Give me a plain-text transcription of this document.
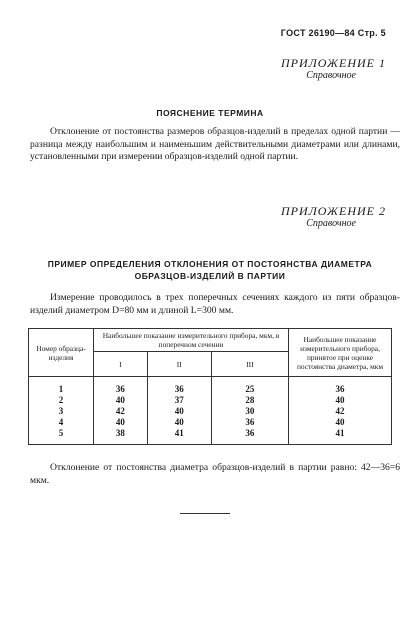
ГОСТ 26190—84 Стр. 5
ПРИЛОЖЕНИЕ 1
Справочное
ПОЯСНЕНИЕ ТЕРМИНА
Отклонение от постоянства размеров образцов-изделий в пределах одной партии — разница между наибольшим и наименьшим действительными диаметрами или длинами, установленными при измерении образцов-изделий одной партии.
ПРИЛОЖЕНИЕ 2
Справочное
ПРИМЕР ОПРЕДЕЛЕНИЯ ОТКЛОНЕНИЯ ОТ ПОСТОЯНСТВА ДИАМЕТРА
ОБРАЗЦОВ-ИЗДЕЛИЙ В ПАРТИИ
Измерение проводилось в трех поперечных сечениях каждого из пяти образцов-изделий диаметром D=80 мм и длиной L=300 мм.
Номер образца-изделия	Наибольшее показание измерительного прибора, мкм, в поперечном сечении			Наибольшее показание измерительного прибора, принятое при оценке постоянства диаметра, мкм
	I	II	III	
1	36	36	25	36
2	40	37	28	40
3	42	40	30	42
4	40	40	36	40
5	38	41	36	41
Отклонение от постоянства диаметра образцов-изделий в партии равно: 42—36=6 мкм.
